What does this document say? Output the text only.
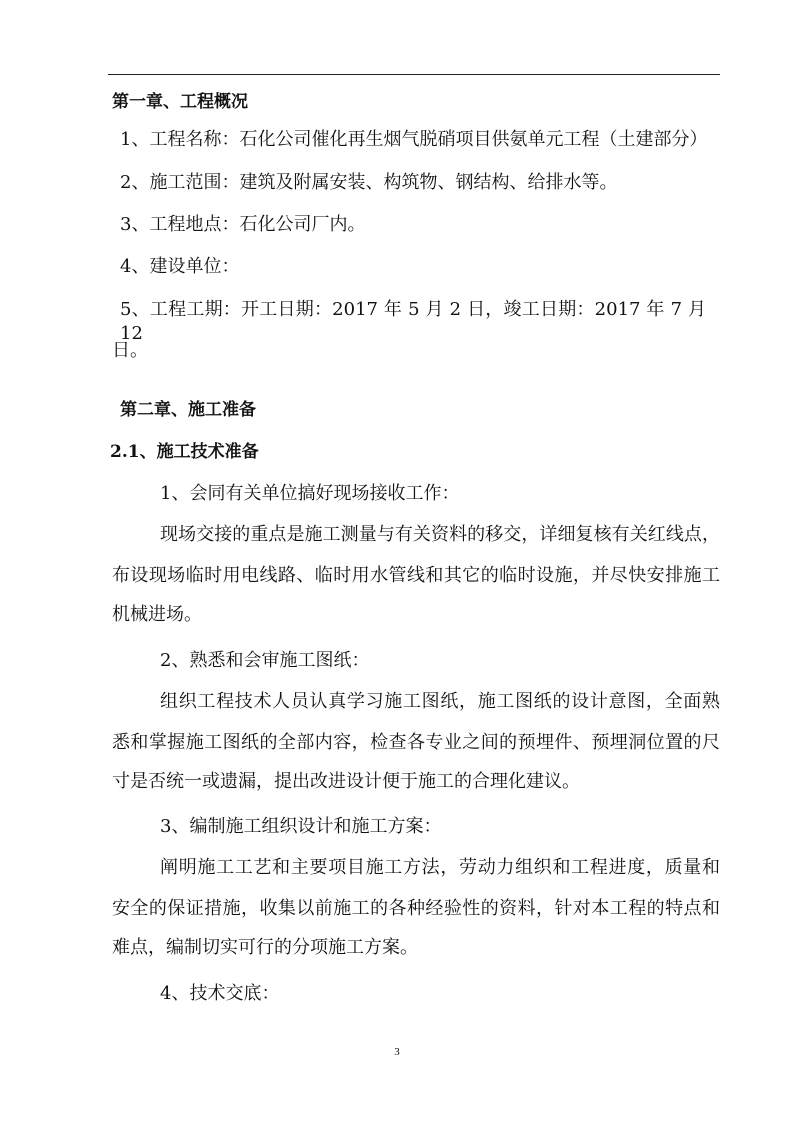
第一章、工程概况
1、工程名称：石化公司催化再生烟气脱硝项目供氨单元工程（土建部分）
2、施工范围：建筑及附属安装、构筑物、钢结构、给排水等。
3、工程地点：石化公司厂内。
4、建设单位：
5、工程工期：开工日期：2017 年 5 月 2 日，竣工日期：2017 年 7 月 12
日。
第二章、施工准备
2.1、施工技术准备
1、会同有关单位搞好现场接收工作：
现场交接的重点是施工测量与有关资料的移交，详细复核有关红线点，
布设现场临时用电线路、临时用水管线和其它的临时设施，并尽快安排施工
机械进场。
2、熟悉和会审施工图纸：
组织工程技术人员认真学习施工图纸，施工图纸的设计意图，全面熟
悉和掌握施工图纸的全部内容，检查各专业之间的预埋件、预埋洞位置的尺
寸是否统一或遗漏，提出改进设计便于施工的合理化建议。
3、编制施工组织设计和施工方案：
阐明施工工艺和主要项目施工方法，劳动力组织和工程进度，质量和
安全的保证措施，收集以前施工的各种经验性的资料，针对本工程的特点和
难点，编制切实可行的分项施工方案。
4、技术交底：
3
